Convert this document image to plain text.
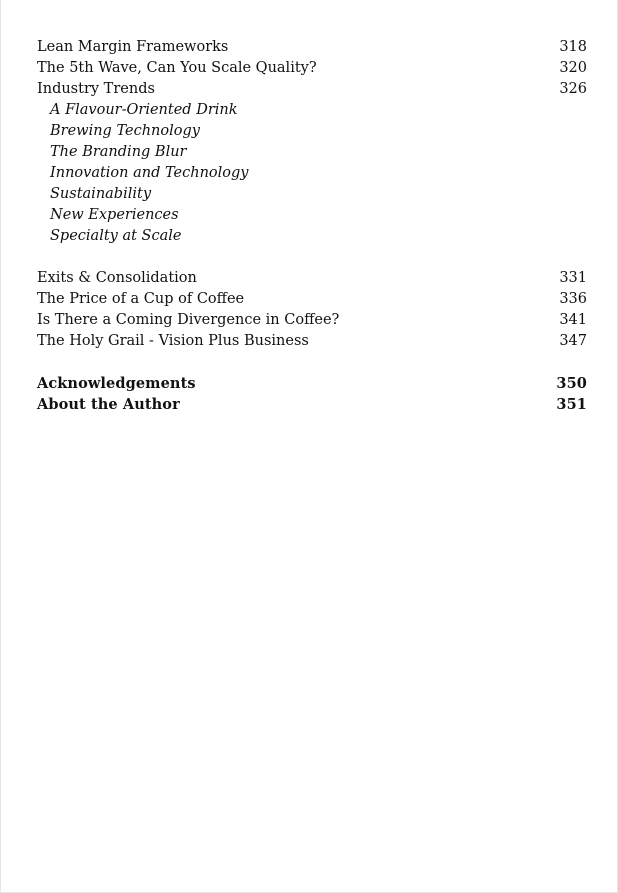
Lean Margin Frameworks	318
The 5th Wave, Can You Scale Quality?	320
Industry Trends	326
A Flavour-Oriented Drink
Brewing Technology
The Branding Blur
Innovation and Technology
Sustainability
New Experiences
Specialty at Scale
Exits & Consolidation	331
The Price of a Cup of Coffee	336
Is There a Coming Divergence in Coffee?	341
The Holy Grail - Vision Plus Business	347
Acknowledgements	350
About the Author	351
